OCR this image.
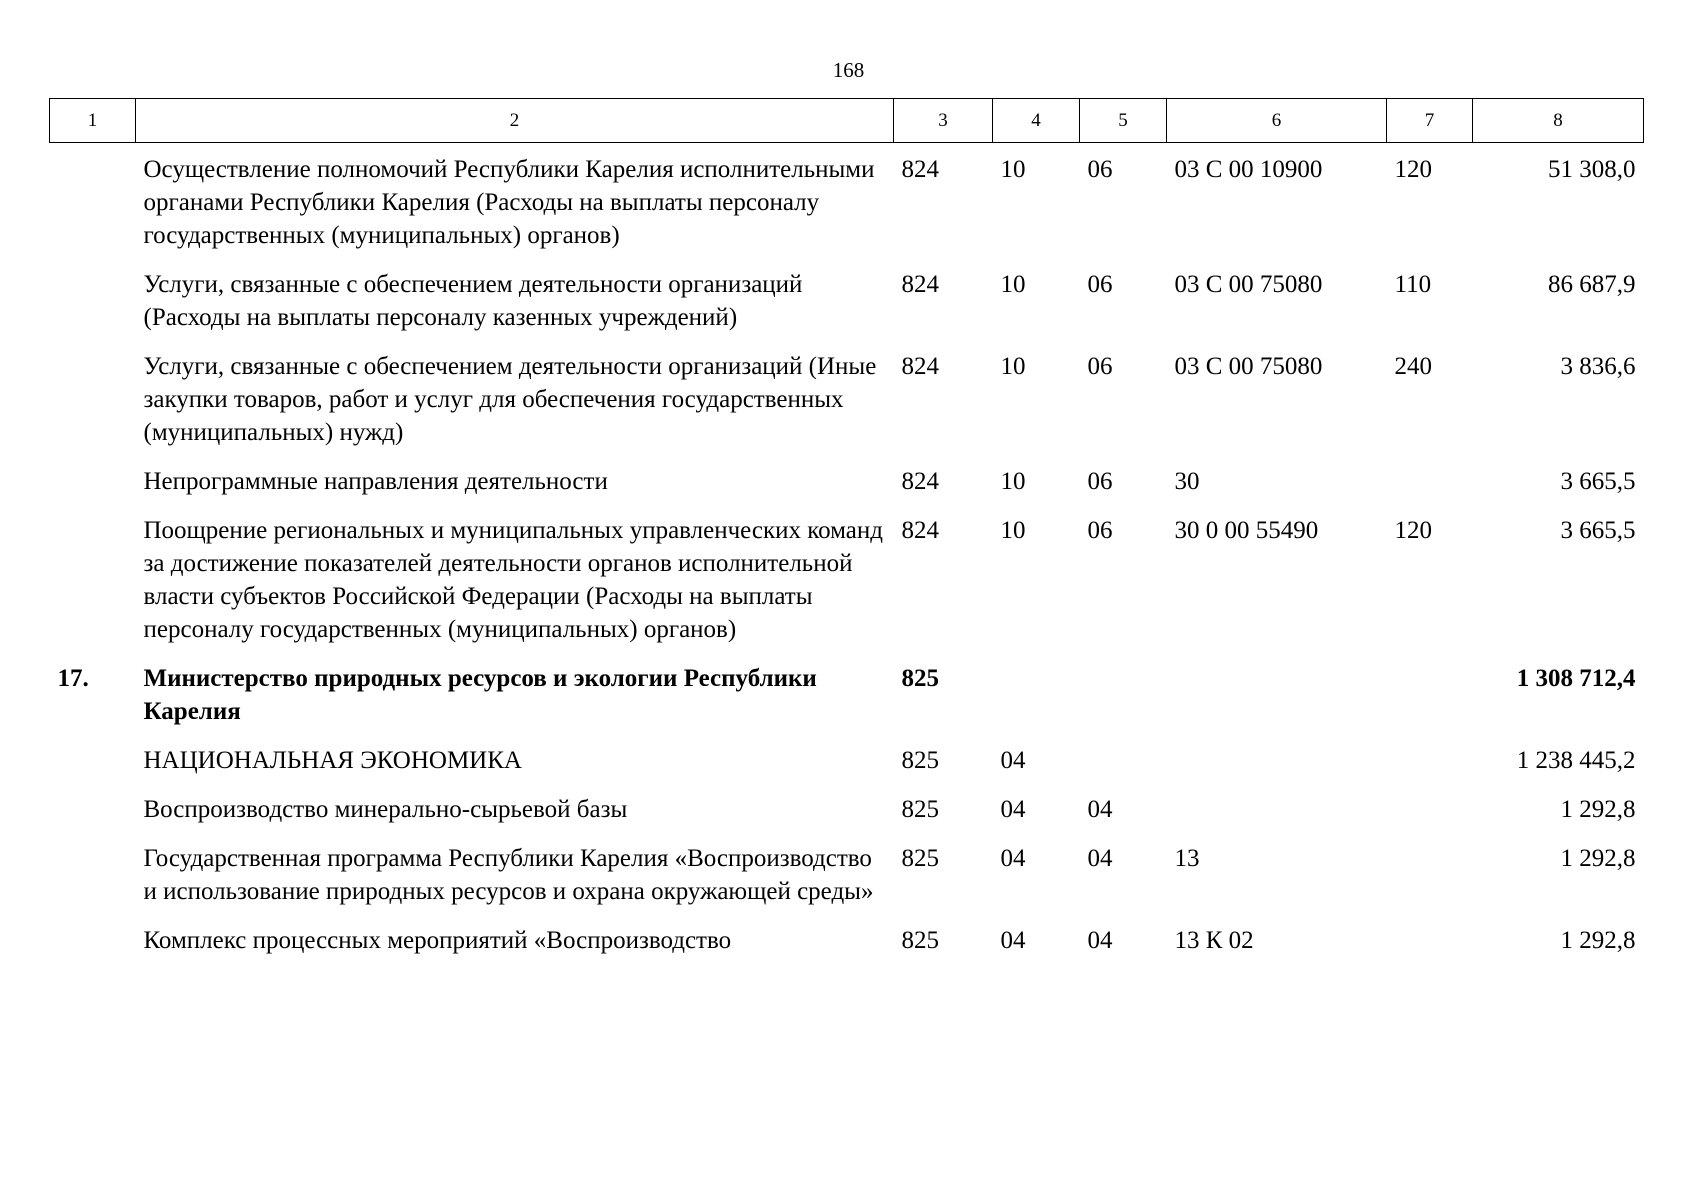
168
1	2	3	4	5	6	7	8
	Осуществление полномочий Республики Карелия исполнительными органами Республики Карелия (Расходы на выплаты персоналу государственных (муниципальных) органов)	824	10	06	03 С 00 10900	120	51 308,0
	Услуги, связанные с обеспечением деятельности организаций (Расходы на выплаты персоналу казенных учреждений)	824	10	06	03 С 00 75080	110	86 687,9
	Услуги, связанные с обеспечением деятельности организаций (Иные закупки товаров, работ и услуг для обеспечения государственных (муниципальных) нужд)	824	10	06	03 С 00 75080	240	3 836,6
	Непрограммные направления деятельности	824	10	06	30		3 665,5
	Поощрение региональных и муниципальных управленческих команд за достижение показателей деятельности органов исполнительной власти субъектов Российской Федерации (Расходы на выплаты персоналу государственных (муниципальных) органов)	824	10	06	30 0 00 55490	120	3 665,5
17.	Министерство природных ресурсов и экологии Республики Карелия	825					1 308 712,4
	НАЦИОНАЛЬНАЯ ЭКОНОМИКА	825	04				1 238 445,2
	Воспроизводство минерально-сырьевой базы	825	04	04			1 292,8
	Государственная программа Республики Карелия «Воспроизводство и использование природных ресурсов и охрана окружающей среды»	825	04	04	13		1 292,8
	Комплекс процессных мероприятий «Воспроизводство	825	04	04	13 К 02		1 292,8
